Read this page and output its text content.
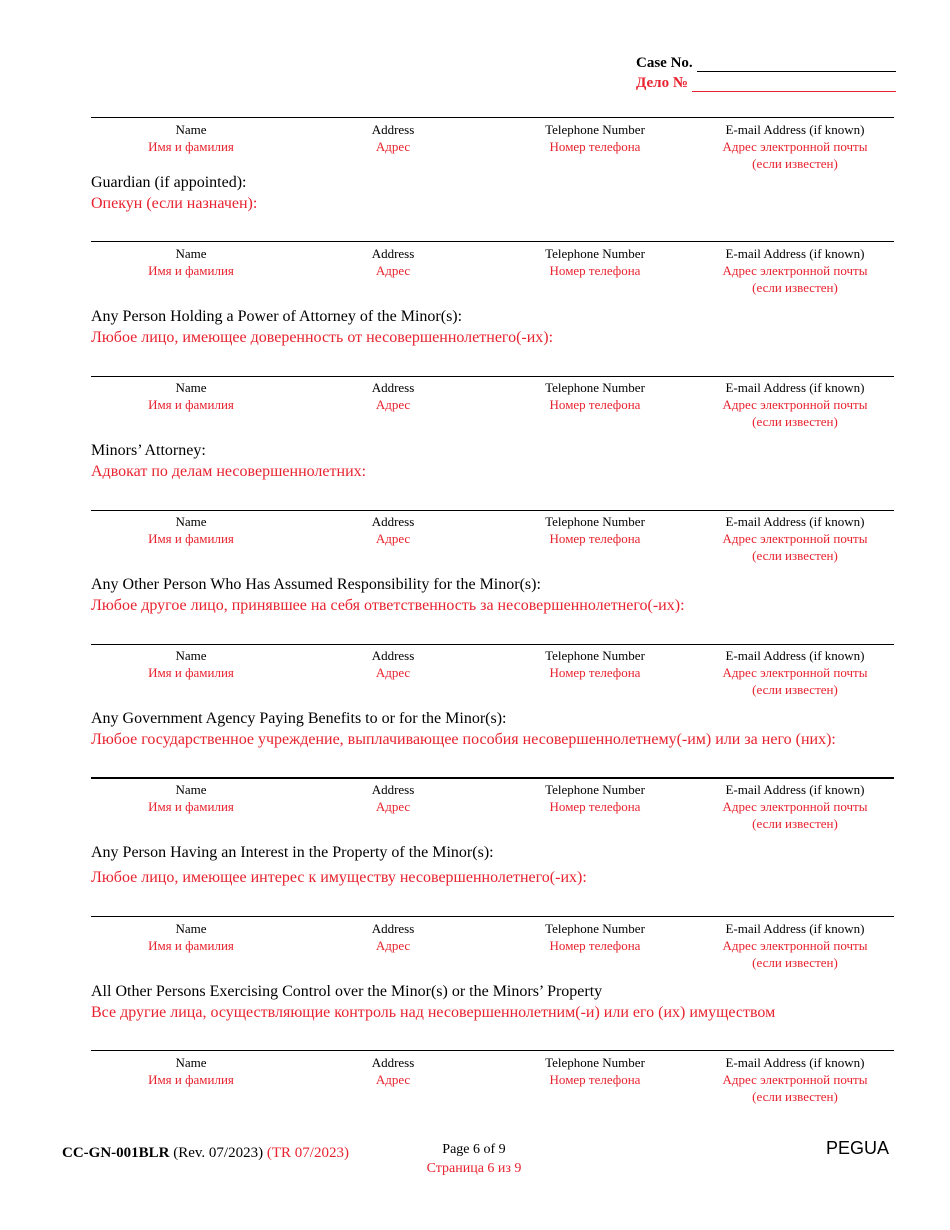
Case No.
Дело №
Name
Имя и фамилия
Address
Адрес
Telephone Number
Номер телефона
E-mail Address (if known)
Адрес электронной почты
(если известен)
Guardian (if appointed):
Опекун (если назначен):
Name
Имя и фамилия
Address
Адрес
Telephone Number
Номер телефона
E-mail Address (if known)
Адрес электронной почты
(если известен)
Any Person Holding a Power of Attorney of the Minor(s):
Любое лицо, имеющее доверенность от несовершеннолетнего(-их):
Name
Имя и фамилия
Address
Адрес
Telephone Number
Номер телефона
E-mail Address (if known)
Адрес электронной почты
(если известен)
Minors’ Attorney:
Адвокат по делам несовершеннолетних:
Name
Имя и фамилия
Address
Адрес
Telephone Number
Номер телефона
E-mail Address (if known)
Адрес электронной почты
(если известен)
Any Other Person Who Has Assumed Responsibility for the Minor(s):
Любое другое лицо, принявшее на себя ответственность за несовершеннолетнего(-их):
Name
Имя и фамилия
Address
Адрес
Telephone Number
Номер телефона
E-mail Address (if known)
Адрес электронной почты
(если известен)
Any Government Agency Paying Benefits to or for the Minor(s):
Любое государственное учреждение, выплачивающее пособия несовершеннолетнему(-им) или за него (них):
Name
Имя и фамилия
Address
Адрес
Telephone Number
Номер телефона
E-mail Address (if known)
Адрес электронной почты
(если известен)
Any Person Having an Interest in the Property of the Minor(s):
Любое лицо, имеющее интерес к имуществу несовершеннолетнего(-их):
Name
Имя и фамилия
Address
Адрес
Telephone Number
Номер телефона
E-mail Address (if known)
Адрес электронной почты
(если известен)
All Other Persons Exercising Control over the Minor(s) or the Minors’ Property
Все другие лица, осуществляющие контроль над несовершеннолетним(-и) или его (их) имуществом
Name
Имя и фамилия
Address
Адрес
Telephone Number
Номер телефона
E-mail Address (if known)
Адрес электронной почты
(если известен)
CC-GN-001BLR (Rev. 07/2023) (TR 07/2023)	Page 6 of 9
Страница 6 из 9
PEGUA
